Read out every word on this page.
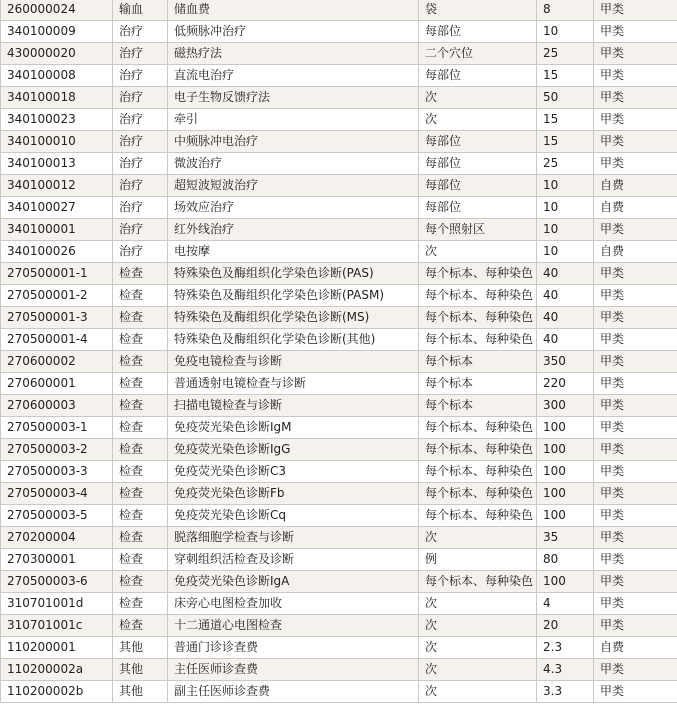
260000024	输血	储血费	袋	8	甲类
340100009	治疗	低频脉冲治疗	每部位	10	甲类
430000020	治疗	磁热疗法	二个穴位	25	甲类
340100008	治疗	直流电治疗	每部位	15	甲类
340100018	治疗	电子生物反馈疗法	次	50	甲类
340100023	治疗	牵引	次	15	甲类
340100010	治疗	中频脉冲电治疗	每部位	15	甲类
340100013	治疗	微波治疗	每部位	25	甲类
340100012	治疗	超短波短波治疗	每部位	10	自费
340100027	治疗	场效应治疗	每部位	10	自费
340100001	治疗	红外线治疗	每个照射区	10	甲类
340100026	治疗	电按摩	次	10	自费
270500001-1	检查	特殊染色及酶组织化学染色诊断(PAS)	每个标本、每种染色	40	甲类
270500001-2	检查	特殊染色及酶组织化学染色诊断(PASM)	每个标本、每种染色	40	甲类
270500001-3	检查	特殊染色及酶组织化学染色诊断(MS)	每个标本、每种染色	40	甲类
270500001-4	检查	特殊染色及酶组织化学染色诊断(其他)	每个标本、每种染色	40	甲类
270600002	检查	免疫电镜检查与诊断	每个标本	350	甲类
270600001	检查	普通透射电镜检查与诊断	每个标本	220	甲类
270600003	检查	扫描电镜检查与诊断	每个标本	300	甲类
270500003-1	检查	免疫荧光染色诊断IgM	每个标本、每种染色	100	甲类
270500003-2	检查	免疫荧光染色诊断IgG	每个标本、每种染色	100	甲类
270500003-3	检查	免疫荧光染色诊断C3	每个标本、每种染色	100	甲类
270500003-4	检查	免疫荧光染色诊断Fb	每个标本、每种染色	100	甲类
270500003-5	检查	免疫荧光染色诊断Cq	每个标本、每种染色	100	甲类
270200004	检查	脱落细胞学检查与诊断	次	35	甲类
270300001	检查	穿刺组织活检查及诊断	例	80	甲类
270500003-6	检查	免疫荧光染色诊断IgA	每个标本、每种染色	100	甲类
310701001d	检查	床旁心电图检查加收	次	4	甲类
310701001c	检查	十二通道心电图检查	次	20	甲类
110200001	其他	普通门诊诊查费	次	2.3	自费
110200002a	其他	主任医师诊查费	次	4.3	甲类
110200002b	其他	副主任医师诊查费	次	3.3	甲类
